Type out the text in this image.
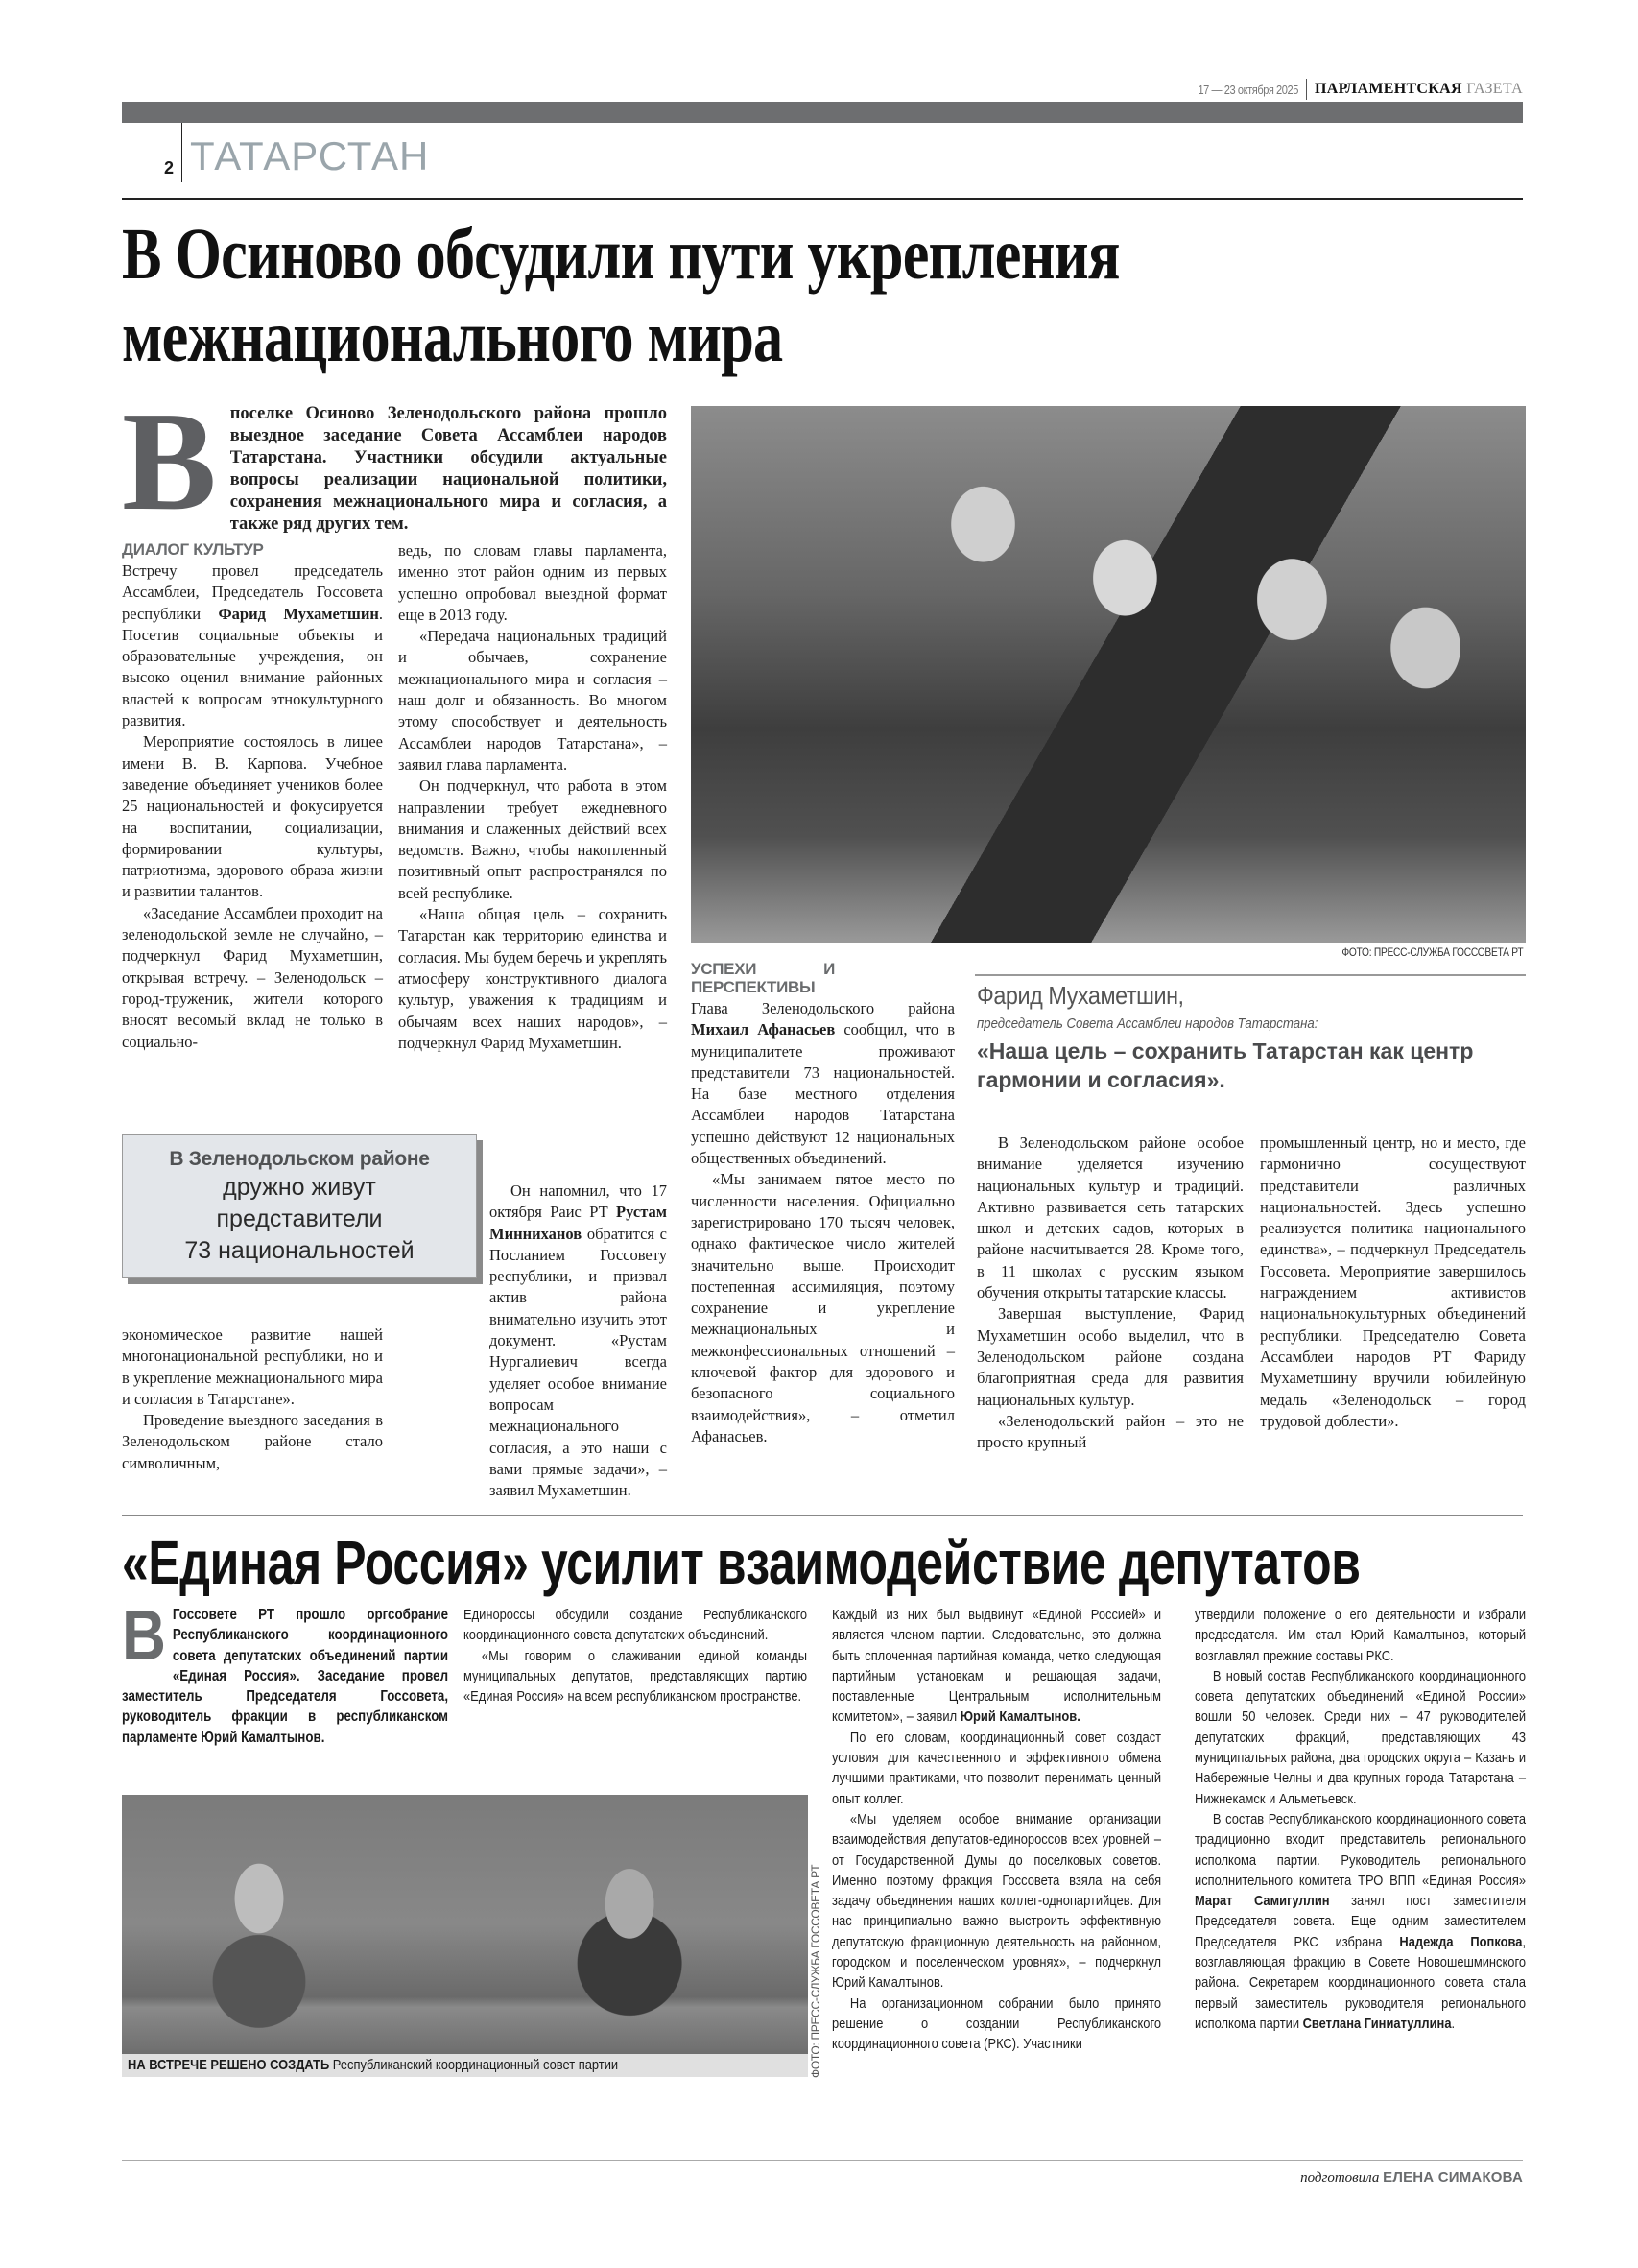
17 — 23 октября 2025 ПАРЛАМЕНТСКАЯ ГАЗЕТА
2 ТАТАРСТАН
В Осиново обсудили пути укрепления
межнационального мира
В поселке Осиново Зеленодольского района прошло выездное заседание Совета Ассамблеи народов Татарстана. Участники обсудили актуальные вопросы реализации национальной политики, сохранения межнационального мира и согласия, а также ряд других тем.
ДИАЛОГ КУЛЬТУР

Встречу провел председатель Ассамблеи, Председатель Госсовета республики Фарид Мухаметшин. Посетив социальные объекты и образовательные учреждения, он высоко оценил внимание районных властей к вопросам этнокультурного развития.

Мероприятие состоялось в лицее имени В. В. Карпова. Учебное заведение объединяет учеников более 25 национальностей и фокусируется на воспитании, социализации, формировании культуры, патриотизма, здорового образа жизни и развитии талантов.

«Заседание Ассамблеи проходит на зеленодольской земле не случайно, – подчеркнул Фарид Мухаметшин, открывая встречу. – Зеленодольск – город-труженик, жители которого вносят весомый вклад не только в социально-

В Зеленодольском районе
дружно живут
представители
73 национальностей

экономическое развитие нашей многонациональной республики, но и в укрепление межнационального мира и согласия в Татарстане».

Проведение выездного заседания в Зеленодольском районе стало символичным,

ведь, по словам главы парламента, именно этот район одним из первых успешно опробовал выездной формат еще в 2013 году.

«Передача национальных традиций и обычаев, сохранение межнационального мира и согласия – наш долг и обязанность. Во многом этому способствует и деятельность Ассамблеи народов Татарстана», – заявил глава парламента.

Он подчеркнул, что работа в этом направлении требует ежедневного внимания и слаженных действий всех ведомств. Важно, чтобы накопленный позитивный опыт распространялся по всей республике.

«Наша общая цель – сохранить Татарстан как территорию единства и согласия. Мы будем беречь и укреплять атмосферу конструктивного диалога культур, уважения к традициям и обычаям всех наших народов», – подчеркнул Фарид Мухаметшин.

Он напомнил, что 17 октября Раис РТ Рустам Минниханов обратится с Посланием Госсовету республики, и призвал актив района внимательно изучить этот документ. «Рустам Нургалиевич всегда уделяет особое внимание вопросам межнационального согласия, а это наши с вами прямые задачи», – заявил Мухаметшин.

ФОТО: ПРЕСС-СЛУЖБА ГОССОВЕТА РТ
УСПЕХИ И ПЕРСПЕКТИВЫ

Глава Зеленодольского района Михаил Афанасьев сообщил, что в муниципалитете проживают представители 73 национальностей. На базе местного отделения Ассамблеи народов Татарстана успешно действуют 12 национальных общественных объединений.

«Мы занимаем пятое место по численности населения. Официально зарегистрировано 170 тысяч человек, однако фактическое число жителей значительно выше. Происходит постепенная ассимиляция, поэтому сохранение и укрепление межнациональных и межконфессиональных отношений – ключевой фактор для здорового и безопасного социального взаимодействия», – отметил Афанасьев.

Фарид Мухаметшин,
председатель Совета Ассамблеи народов Татарстана:
«Наша цель – сохранить Татарстан как центр гармонии и согласия».

В Зеленодольском районе особое внимание уделяется изучению национальных культур и традиций. Активно развивается сеть татарских школ и детских садов, которых в районе насчитывается 28. Кроме того, в 11 школах с русским языком обучения открыты татарские классы.

Завершая выступление, Фарид Мухаметшин особо выделил, что в Зеленодольском районе создана благоприятная среда для развития национальных культур.

«Зеленодольский район – это не просто крупный

промышленный центр, но и место, где гармонично сосуществуют представители различных национальностей. Здесь успешно реализуется политика национального единства», – подчеркнул Председатель Госсовета. Мероприятие завершилось награждением активистов национальнокультурных объединений республики. Председателю Совета Ассамблеи народов РТ Фариду Мухаметшину вручили юбилейную медаль «Зеленодольск – город трудовой доблести».

«Единая Россия» усилит взаимодействие депутатов
В Госсовете РТ прошло оргсобрание Республиканского координационного совета депутатских объединений партии «Единая Россия». Заседание провел заместитель Председателя Госсовета, руководитель фракции в республиканском парламенте Юрий Камалтынов.

Единороссы обсудили создание Республиканского координационного совета депутатских объединений.

«Мы говорим о слаживании единой команды муниципальных депутатов, представляющих партию «Единая Россия» на всем республиканском пространстве.

НА ВСТРЕЧЕ РЕШЕНО СОЗДАТЬ Республиканский координационный совет партии	ФОТО: ПРЕСС-СЛУЖБА ГОССОВЕТА РТ

Каждый из них был выдвинут «Единой Россией» и является членом партии. Следовательно, это должна быть сплоченная партийная команда, четко следующая партийным установкам и решающая задачи, поставленные Центральным исполнительным комитетом», – заявил Юрий Камалтынов.

По его словам, координационный совет создаст условия для качественного и эффективного обмена лучшими практиками, что позволит перенимать ценный опыт коллег.

«Мы уделяем особое внимание организации взаимодействия депутатов-единороссов всех уровней – от Государственной Думы до поселковых советов. Именно поэтому фракция Госсовета взяла на себя задачу объединения наших коллег-однопартийцев. Для нас принципиально важно выстроить эффективную депутатскую фракционную деятельность на районном, городском и поселенческом уровнях», – подчеркнул Юрий Камалтынов.

На организационном собрании было принято решение о создании Республиканского координационного совета (РКС). Участники

утвердили положение о его деятельности и избрали председателя. Им стал Юрий Камалтынов, который возглавлял прежние составы РКС.

В новый состав Республиканского координационного совета депутатских объединений «Единой России» вошли 50 человек. Среди них – 47 руководителей депутатских фракций, представляющих 43 муниципальных района, два городских округа – Казань и Набережные Челны и два крупных города Татарстана – Нижнекамск и Альметьевск.

В состав Республиканского координационного совета традиционно входит представитель регионального исполкома партии. Руководитель регионального исполнительного комитета ТРО ВПП «Единая Россия» Марат Самигуллин занял пост заместителя Председателя совета. Еще одним заместителем Председателя РКС избрана Надежда Попкова, возглавляющая фракцию в Совете Новошешминского района. Секретарем координационного совета стала первый заместитель руководителя регионального исполкома партии Светлана Гиниатуллина.

подготовила ЕЛЕНА СИМАКОВА
